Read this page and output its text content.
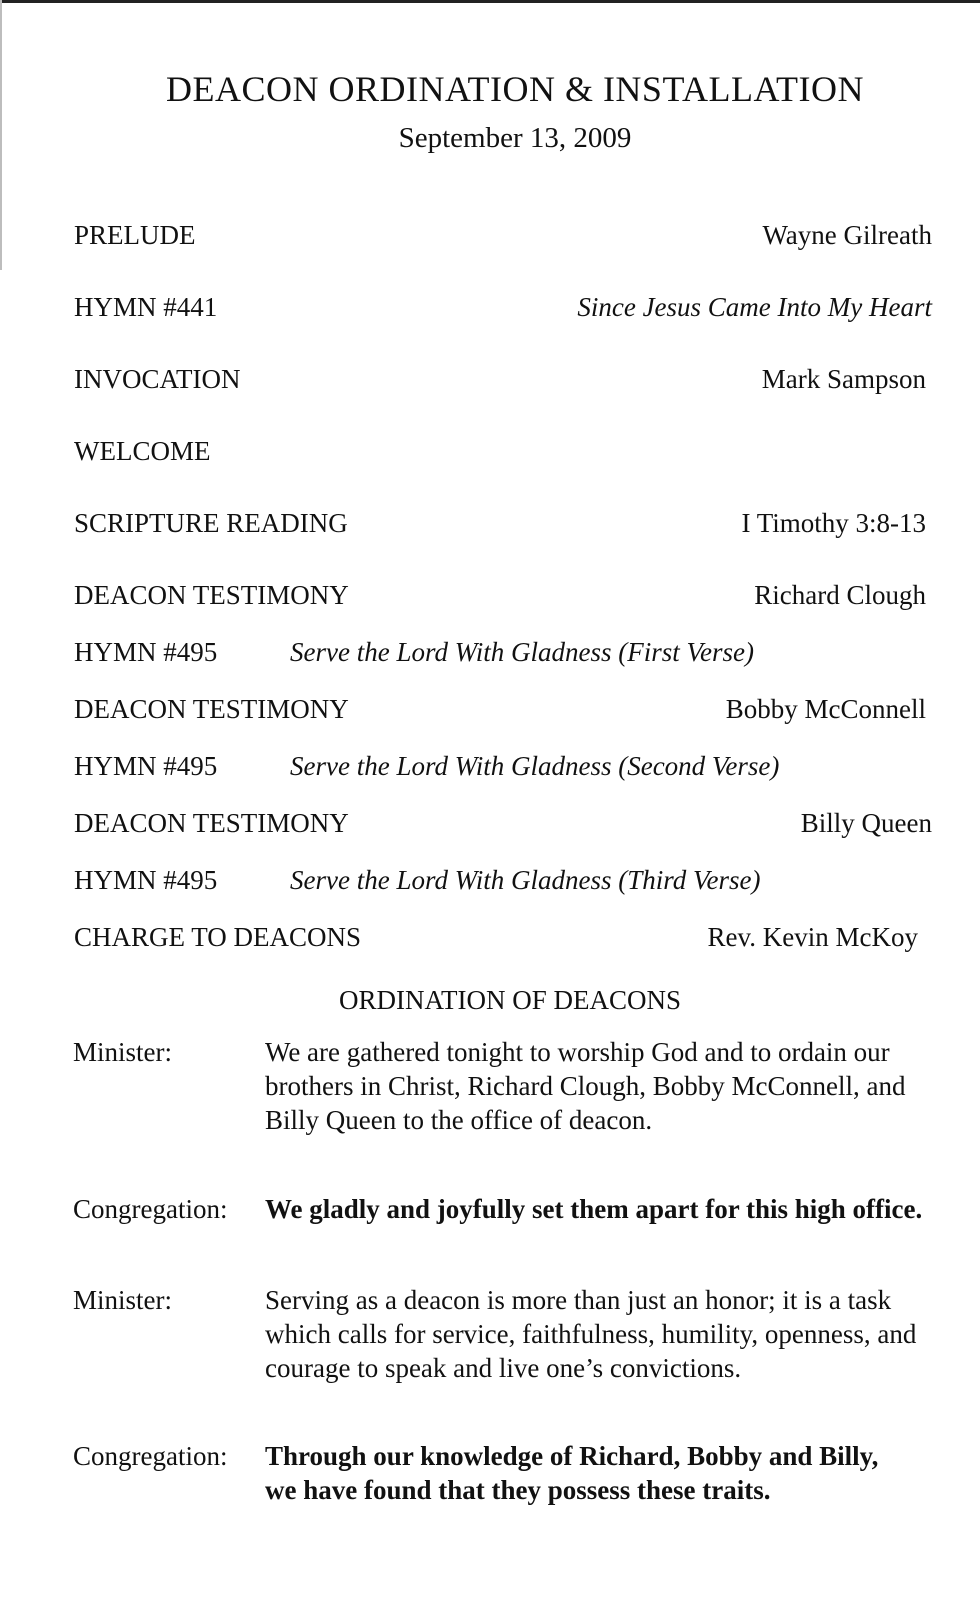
DEACON ORDINATION & INSTALLATION
September 13, 2009
PRELUDE	Wayne Gilreath
HYMN #441	Since Jesus Came Into My Heart
INVOCATION	Mark Sampson
WELCOME
SCRIPTURE READING	I Timothy 3:8-13
DEACON TESTIMONY	Richard Clough
HYMN #495	Serve the Lord With Gladness (First Verse)
DEACON TESTIMONY	Bobby McConnell
HYMN #495	Serve the Lord With Gladness (Second Verse)
DEACON TESTIMONY	Billy Queen
HYMN #495	Serve the Lord With Gladness (Third Verse)
CHARGE TO DEACONS	Rev. Kevin McKoy
ORDINATION OF DEACONS
Minister:	We are gathered tonight to worship God and to ordain our brothers in Christ, Richard Clough, Bobby McConnell, and Billy Queen to the office of deacon.
Congregation: We gladly and joyfully set them apart for this high office.
Minister:	Serving as a deacon is more than just an honor; it is a task which calls for service, faithfulness, humility, openness, and courage to speak and live one’s convictions.
Congregation: Through our knowledge of Richard, Bobby and Billy, we have found that they possess these traits.
